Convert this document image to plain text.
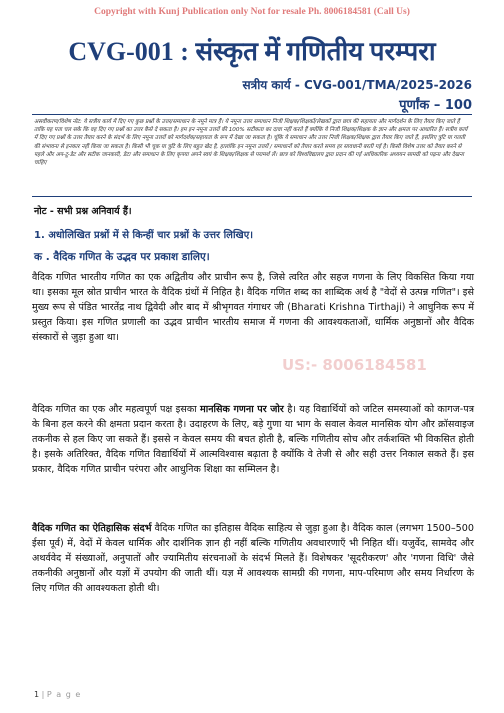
Copyright with Kunj Publication only Not for resale Ph. 8006184581 (Call Us)
CVG-001 : संस्कृत में गणितीय परम्परा
सत्रीय कार्य - CVG-001/TMA/2025-2026
पूर्णांक – 100
असवीकरण/विशेष नोट: ये सत्रीय कार्य में दिए गए कुछ प्रश्नों के उत्तर/समाधान के नमूने मात्र हैं। ये नमूना उत्तर समाधान निजी शिक्षक/शिक्षकों/लेखकों द्वारा छात्र की सहायता और मार्गदर्शन के लिए तैयार किए जाते हैं ताकि यह पता चल सके कि वह दिए गए प्रश्नों का उत्तर कैसे दे सकता है। हम इन नमूना उत्तरों की 100% सटीकता का दावा नहीं करते हैं क्योंकि ये निजी शिक्षक/शिक्षक के ज्ञान और क्षमता पर आधारित हैं। सत्रीय कार्य में दिए गए प्रश्नों के उत्तर तैयार करने के संदर्भ के लिए नमूना उत्तरों को मार्गदर्शक/सहायता के रूप में देखा जा सकता है। चूंकि ये समाधान और उत्तर निजी शिक्षक/शिक्षक द्वारा तैयार किए जाते हैं, इसलिए त्रुटि या गलती की संभावना से इनकार नहीं किया जा सकता है। किसी भी चूक या त्रुटि के लिए बहुत खेद है, हालांकि इन नमूना उत्तरों / समाधानों को तैयार करते समय हर सावधानी बरती गई है। किसी विशेष उत्तर को तैयार करने से पहले और अप-टू-डेट और सटीक जानकारी, डेटा और समाधान के लिए कृपया अपने स्वयं के शिक्षक/शिक्षक से परामर्श लें। छात्र को विश्वविद्यालय द्वारा प्रदान की गई आधिकारिक अध्ययन सामग्री को पढ़ना और देखना चाहिए
नोट - सभी प्रश्न अनिवार्य हैं।
1. अधोलिखित प्रश्नों में से किन्हीं चार प्रश्नों के उत्तर लिखिए।
क . वैदिक गणित के उद्भव पर प्रकाश डालिए।
वैदिक गणित भारतीय गणित का एक अद्वितीय और प्राचीन रूप है, जिसे त्वरित और सहज गणना के लिए विकसित किया गया था। इसका मूल स्रोत प्राचीन भारत के वैदिक ग्रंथों में निहित है। वैदिक गणित शब्द का शाब्दिक अर्थ है "वेदों से उत्पन्न गणित"। इसे मुख्य रूप से पंडित भारतेंद्र नाथ द्विवेदी और बाद में श्रीभृगवत गंगाधर जी (Bharati Krishna Tirthaji) ने आधुनिक रूप में प्रस्तुत किया। इस गणित प्रणाली का उद्भव प्राचीन भारतीय समाज में गणना की आवश्यकताओं, धार्मिक अनुष्ठानों और वैदिक संस्कारों से जुड़ा हुआ था।
US:- 8006184581
वैदिक गणित का एक और महत्वपूर्ण पक्ष इसका मानसिक गणना पर जोर है। यह विद्यार्थियों को जटिल समस्याओं को कागज-पत्र के बिना हल करने की क्षमता प्रदान करता है। उदाहरण के लिए, बड़े गुणा या भाग के सवाल केवल मानसिक योग और क्रॉसवाइज तकनीक से हल किए जा सकते हैं। इससे न केवल समय की बचत होती है, बल्कि गणितीय सोच और तर्कशक्ति भी विकसित होती है। इसके अतिरिक्त, वैदिक गणित विद्यार्थियों में आत्मविश्वास बढ़ाता है क्योंकि वे तेजी से और सही उत्तर निकाल सकते हैं। इस प्रकार, वैदिक गणित प्राचीन परंपरा और आधुनिक शिक्षा का सम्मिलन है।
वैदिक गणित का ऐतिहासिक संदर्भ वैदिक गणित का इतिहास वैदिक साहित्य से जुड़ा हुआ है। वैदिक काल (लगभग 1500–500 ईसा पूर्व) में, वेदों में केवल धार्मिक और दार्शनिक ज्ञान ही नहीं बल्कि गणितीय अवधारणाएँ भी निहित थीं। यजुर्वेद, सामवेद और अथर्ववेद में संख्याओं, अनुपातों और ज्यामितीय संरचनाओं के संदर्भ मिलते हैं। विशेषकर 'सूदरीकरण' और 'गणना विधि' जैसे तकनीकी अनुष्ठानों और यज्ञों में उपयोग की जाती थीं। यज्ञ में आवश्यक सामग्री की गणना, माप-परिमाण और समय निर्धारण के लिए गणित की आवश्यकता होती थी।
1 | P a g e
